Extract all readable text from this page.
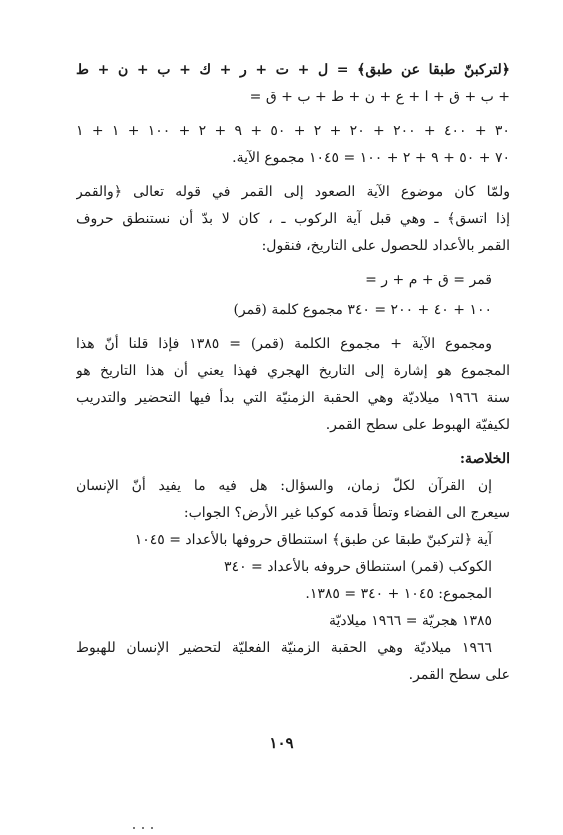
﴿لتركبنّ طبقا عن طبق﴾ = ل + ت + ر + ك + ب + ن + ط
+ ب + ق + ا + ع + ن + ط + ب + ق =
٣٠ + ٤٠٠ + ٢٠٠ + ٢٠ + ٢ + ٥٠ + ٩ + ٢ + ١٠٠ + ١ + ١
٧٠ + ٥٠ + ٩ + ٢ + ١٠٠ = ١٠٤٥ مجموع الآية.
ولمّا كان موضوع الآية الصعود إلى القمر في قوله تعالى ﴿والقمر
إذا اتسق﴾ ـ وهي قبل آية الركوب ـ ، كان لا بدّ أن نستنطق حروف
القمر بالأعداد للحصول على التاريخ، فنقول:
قمر = ق + م + ر =
١٠٠ + ٤٠ + ٢٠٠ = ٣٤٠ مجموع كلمة (قمر)
ومجموع الآية + مجموع الكلمة (قمر) = ١٣٨٥ فإذا قلنا أنّ هذا
المجموع هو إشارة إلى التاريخ الهجري فهذا يعني أن هذا التاريخ هو
سنة ١٩٦٦ ميلاديّة وهي الحقبة الزمنيّة التي بدأ فيها التحضير والتدريب
لكيفيّة الهبوط على سطح القمر.
الخلاصة:
إن القرآن لكلّ زمان، والسؤال: هل فيه ما يفيد أنّ الإنسان
سيعرج الى الفضاء وتطأ قدمه كوكبا غير الأرض؟ الجواب:
آية ﴿لتركبنّ طبقا عن طبق﴾ استنطاق حروفها بالأعداد = ١٠٤٥
الكوكب (قمر) استنطاق حروفه بالأعداد = ٣٤٠
المجموع: ١٠٤٥ + ٣٤٠ = ١٣٨٥.
١٣٨٥ هجريّة = ١٩٦٦ ميلاديّة
١٩٦٦ ميلاديّة وهي الحقبة الزمنيّة الفعليّة لتحضير الإنسان للهبوط
على سطح القمر.
١٠٩
